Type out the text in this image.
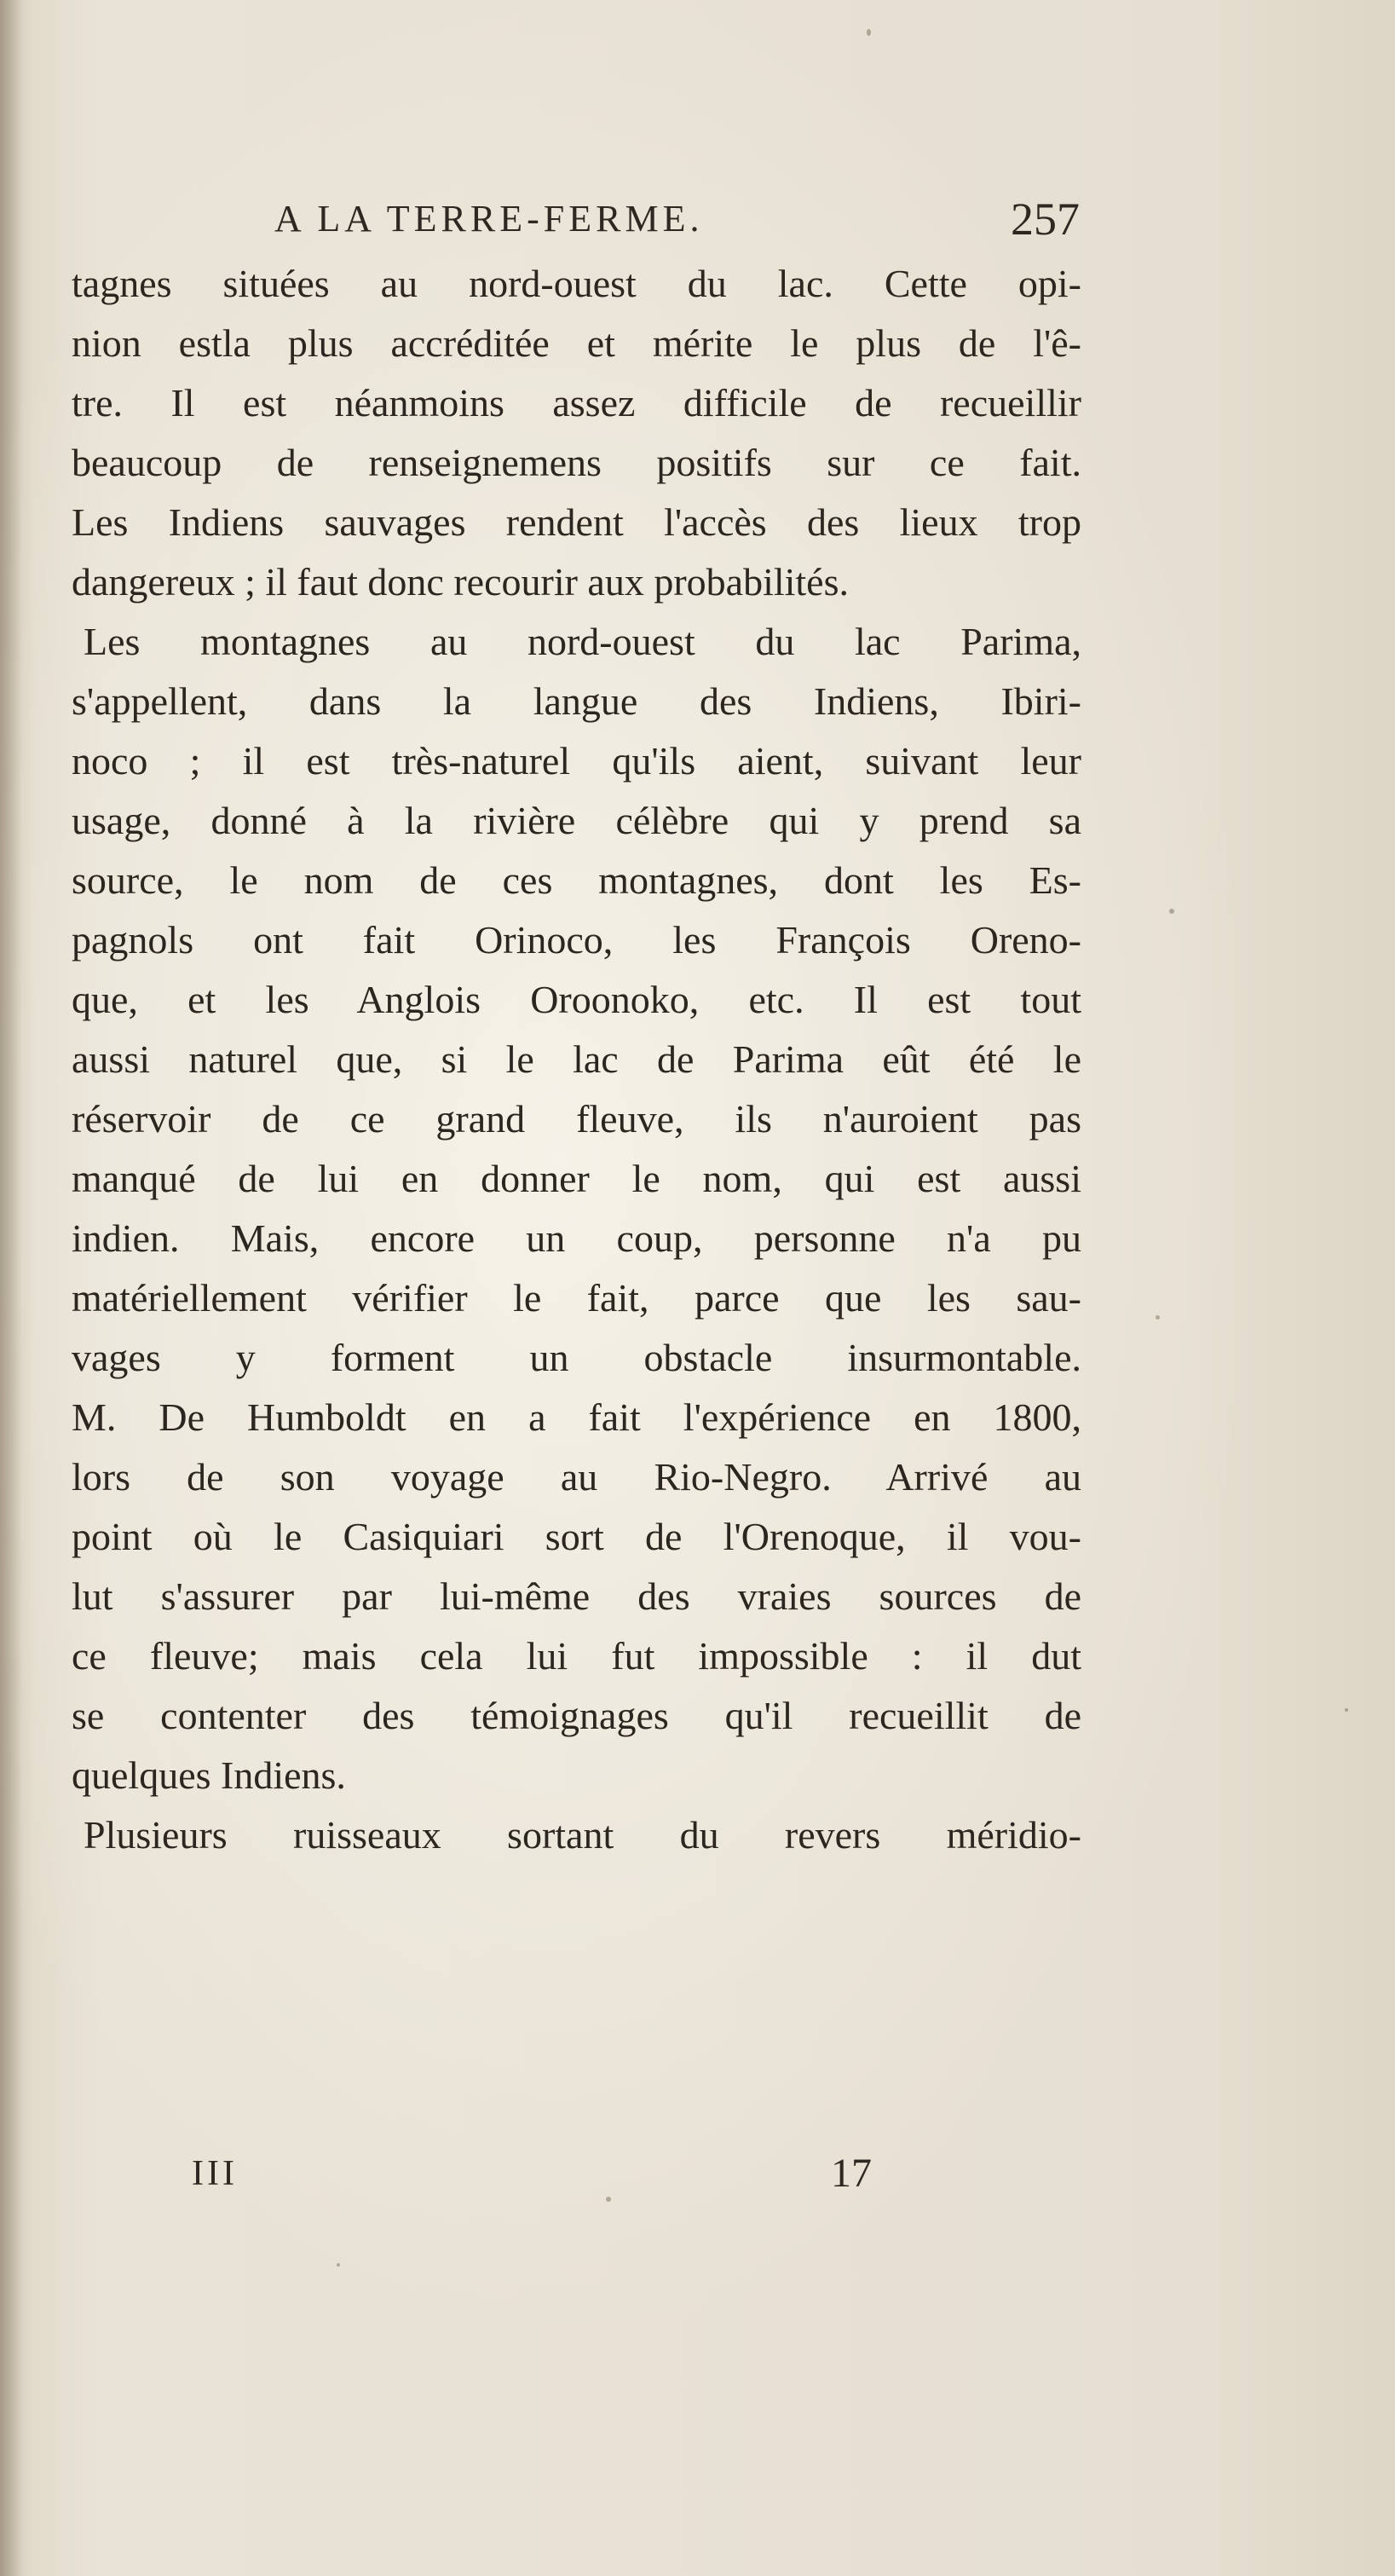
A LA TERRE-FERME.	257
tagnes situées au nord-ouest du lac. Cette opi-
nion estla plus accréditée et mérite le plus de l'ê-
tre. Il est néanmoins assez difficile de recueillir
beaucoup de renseignemens positifs sur ce fait.
Les Indiens sauvages rendent l'accès des lieux trop
dangereux ; il faut donc recourir aux probabilités.
Les montagnes au nord-ouest du lac Parima,
s'appellent, dans la langue des Indiens, Ibiri-
noco ; il est très-naturel qu'ils aient, suivant leur
usage, donné à la rivière célèbre qui y prend sa
source, le nom de ces montagnes, dont les Es-
pagnols ont fait Orinoco, les François Oreno-
que, et les Anglois Oroonoko, etc. Il est tout
aussi naturel que, si le lac de Parima eût été le
réservoir de ce grand fleuve, ils n'auroient pas
manqué de lui en donner le nom, qui est aussi
indien. Mais, encore un coup, personne n'a pu
matériellement vérifier le fait, parce que les sau-
vages y forment un obstacle insurmontable.
M. De Humboldt en a fait l'expérience en 1800,
lors de son voyage au Rio-Negro. Arrivé au
point où le Casiquiari sort de l'Orenoque, il vou-
lut s'assurer par lui-même des vraies sources de
ce fleuve; mais cela lui fut impossible : il dut
se contenter des témoignages qu'il recueillit de
quelques Indiens.
Plusieurs ruisseaux sortant du revers méridio-
III	17
